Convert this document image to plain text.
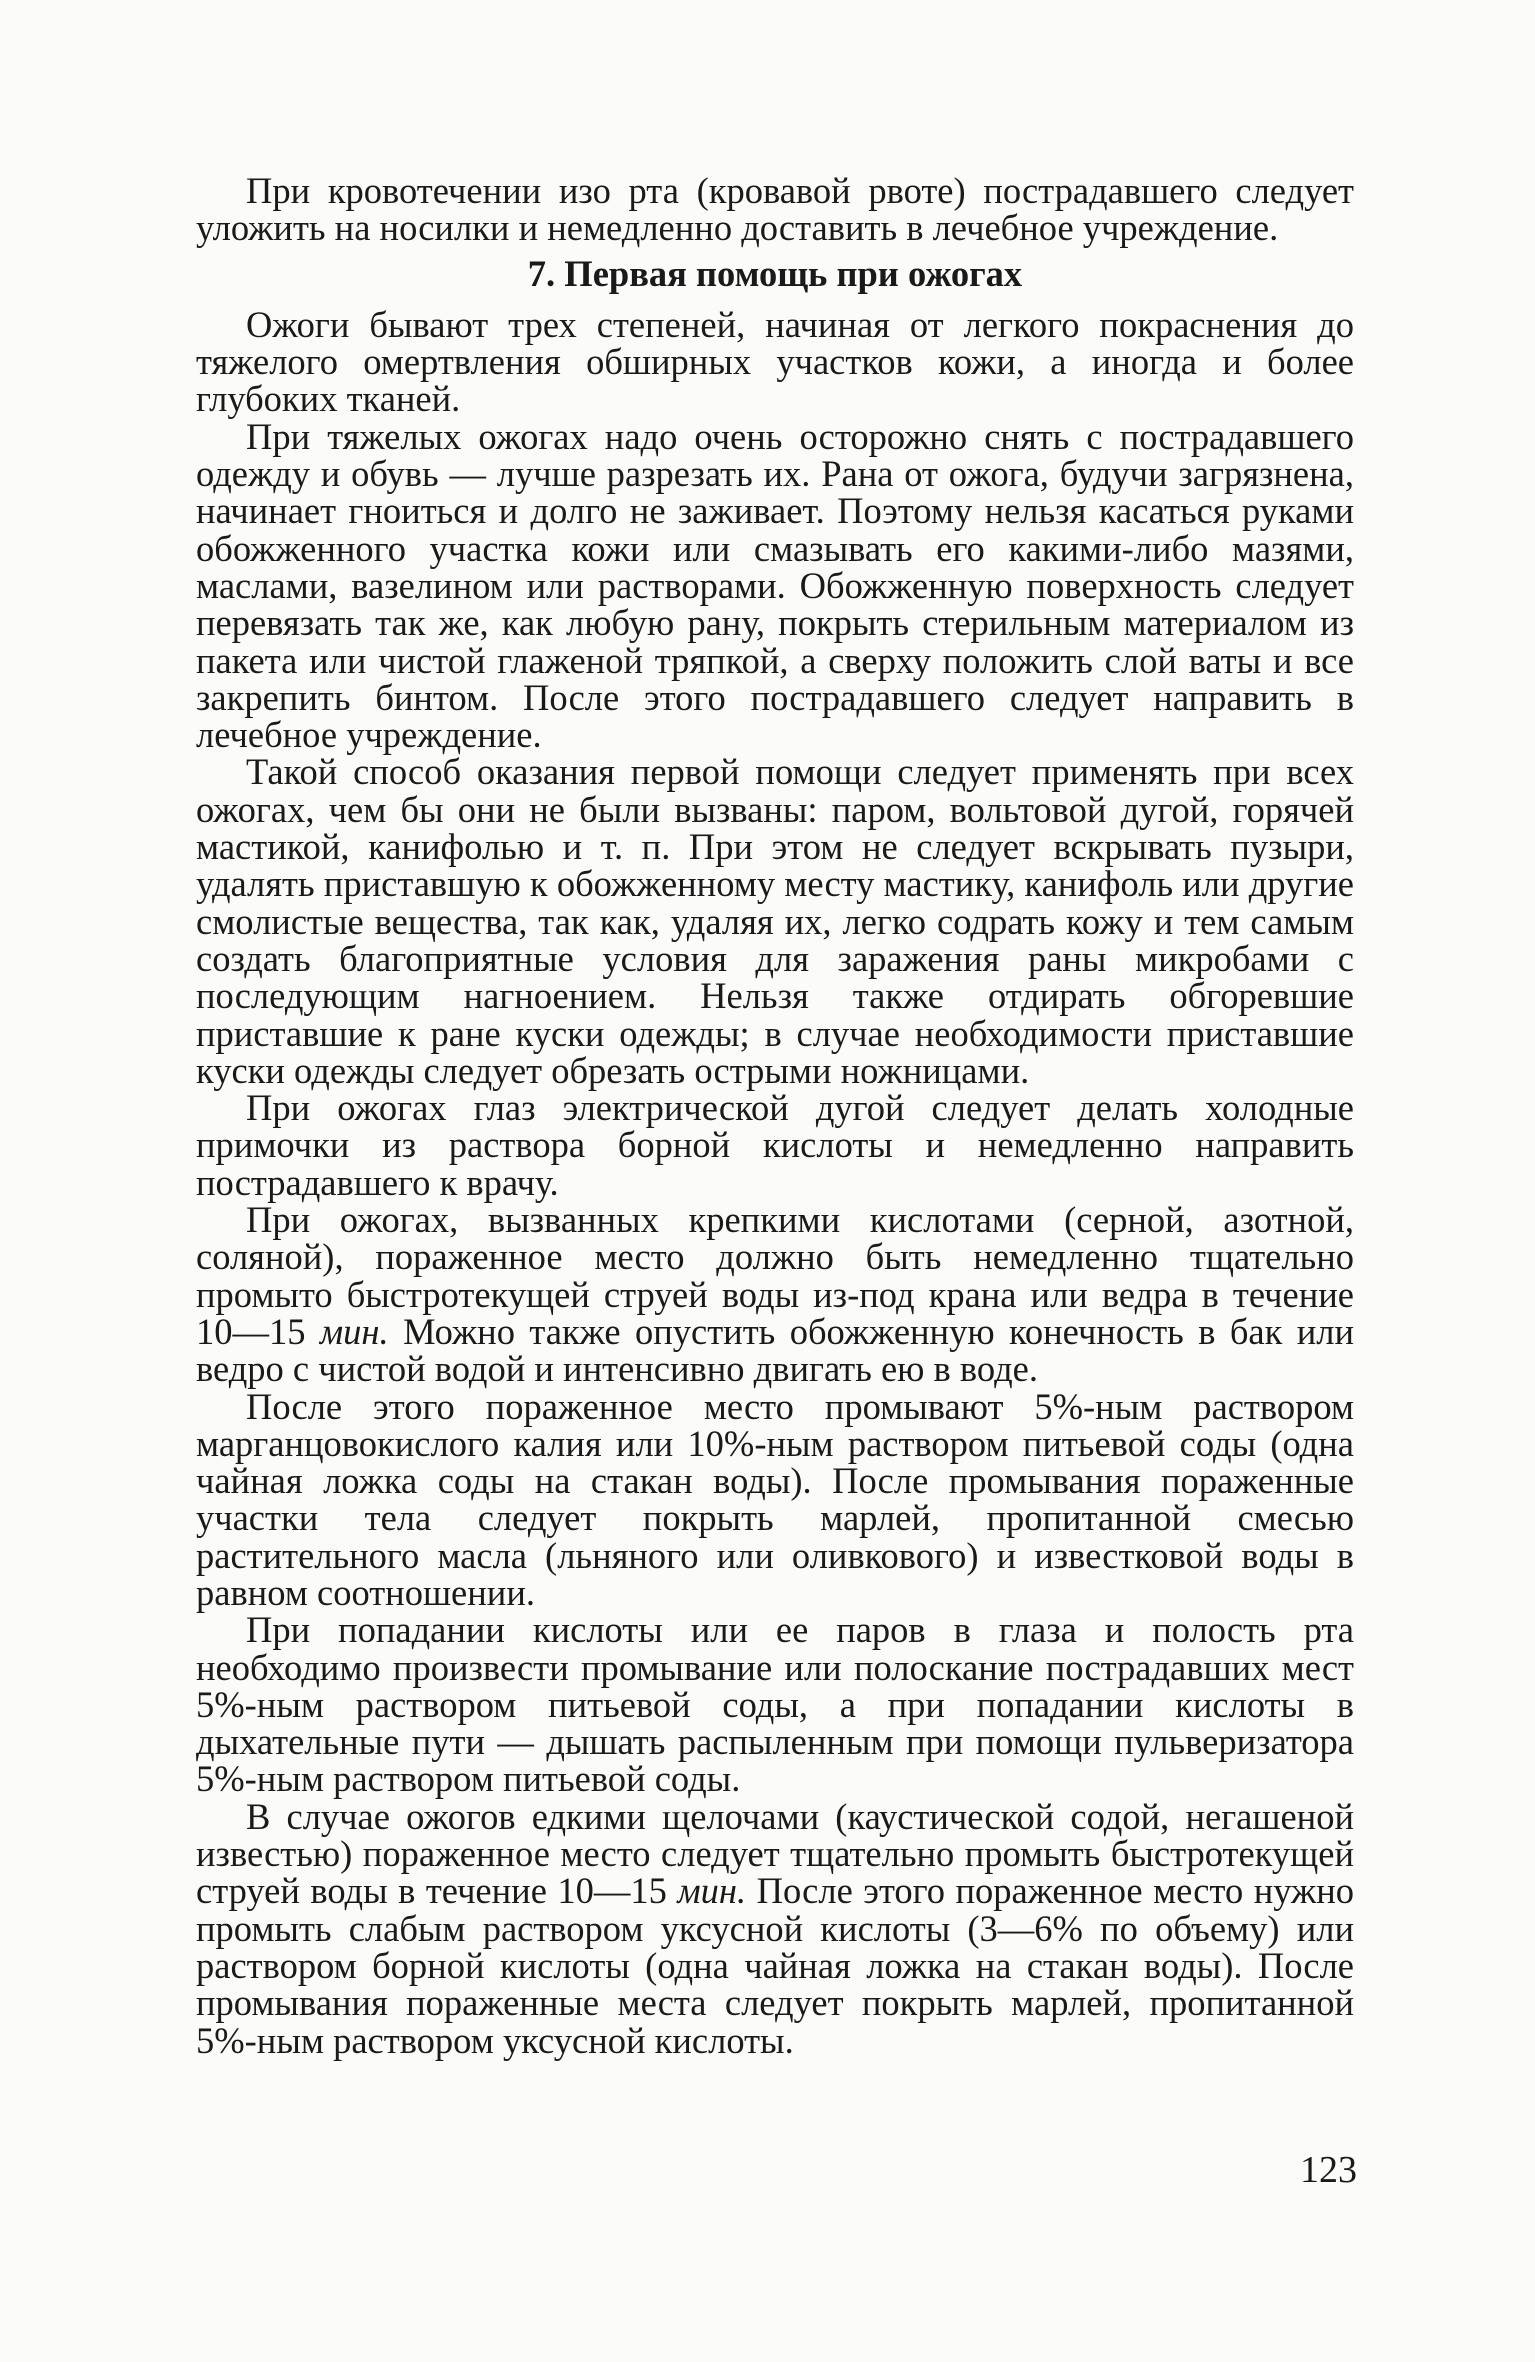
При кровотечении изо рта (кровавой рвоте) пострадавшего следует уложить на носилки и немедленно доставить в лечебное учреждение.

7. Первая помощь при ожогах

Ожоги бывают трех степеней, начиная от легкого покраснения до тяжелого омертвления обширных участков кожи, а иногда и более глубоких тканей.

При тяжелых ожогах надо очень осторожно снять с пострадавшего одежду и обувь — лучше разрезать их. Рана от ожога, будучи загрязнена, начинает гноиться и долго не заживает. Поэтому нельзя касаться руками обожженного участка кожи или смазывать его какими-либо мазями, маслами, вазелином или растворами. Обожженную поверхность следует перевязать так же, как любую рану, покрыть стерильным материалом из пакета или чистой глаженой тряпкой, а сверху положить слой ваты и все закрепить бинтом. После этого пострадавшего следует направить в лечебное учреждение.

Такой способ оказания первой помощи следует применять при всех ожогах, чем бы они не были вызваны: паром, вольтовой дугой, горячей мастикой, канифолью и т. п. При этом не следует вскрывать пузыри, удалять приставшую к обожженному месту мастику, канифоль или другие смолистые вещества, так как, удаляя их, легко содрать кожу и тем самым создать благоприятные условия для заражения раны микробами с последующим нагноением. Нельзя также отдирать обгоревшие приставшие к ране куски одежды; в случае необходимости приставшие куски одежды следует обрезать острыми ножницами.

При ожогах глаз электрической дугой следует делать холодные примочки из раствора борной кислоты и немедленно направить пострадавшего к врачу.

При ожогах, вызванных крепкими кислотами (серной, азотной, соляной), пораженное место должно быть немедленно тщательно промыто быстротекущей струей воды из-под крана или ведра в течение 10—15 мин. Можно также опустить обожженную конечность в бак или ведро с чистой водой и интенсивно двигать ею в воде.

После этого пораженное место промывают 5%-ным раствором марганцовокислого калия или 10%-ным раствором питьевой соды (одна чайная ложка соды на стакан воды). После промывания пораженные участки тела следует покрыть марлей, пропитанной смесью растительного масла (льняного или оливкового) и известковой воды в равном соотношении.

При попадании кислоты или ее паров в глаза и полость рта необходимо произвести промывание или полоскание пострадавших мест 5%-ным раствором питьевой соды, а при попадании кислоты в дыхательные пути — дышать распыленным при помощи пульверизатора 5%-ным раствором питьевой соды.

В случае ожогов едкими щелочами (каустической содой, негашеной известью) пораженное место следует тщательно промыть быстротекущей струей воды в течение 10—15 мин. После этого пораженное место нужно промыть слабым раствором уксусной кислоты (3—6% по объему) или раствором борной кислоты (одна чайная ложка на стакан воды). После промывания пораженные места следует покрыть марлей, пропитанной 5%-ным раствором уксусной кислоты.

123
